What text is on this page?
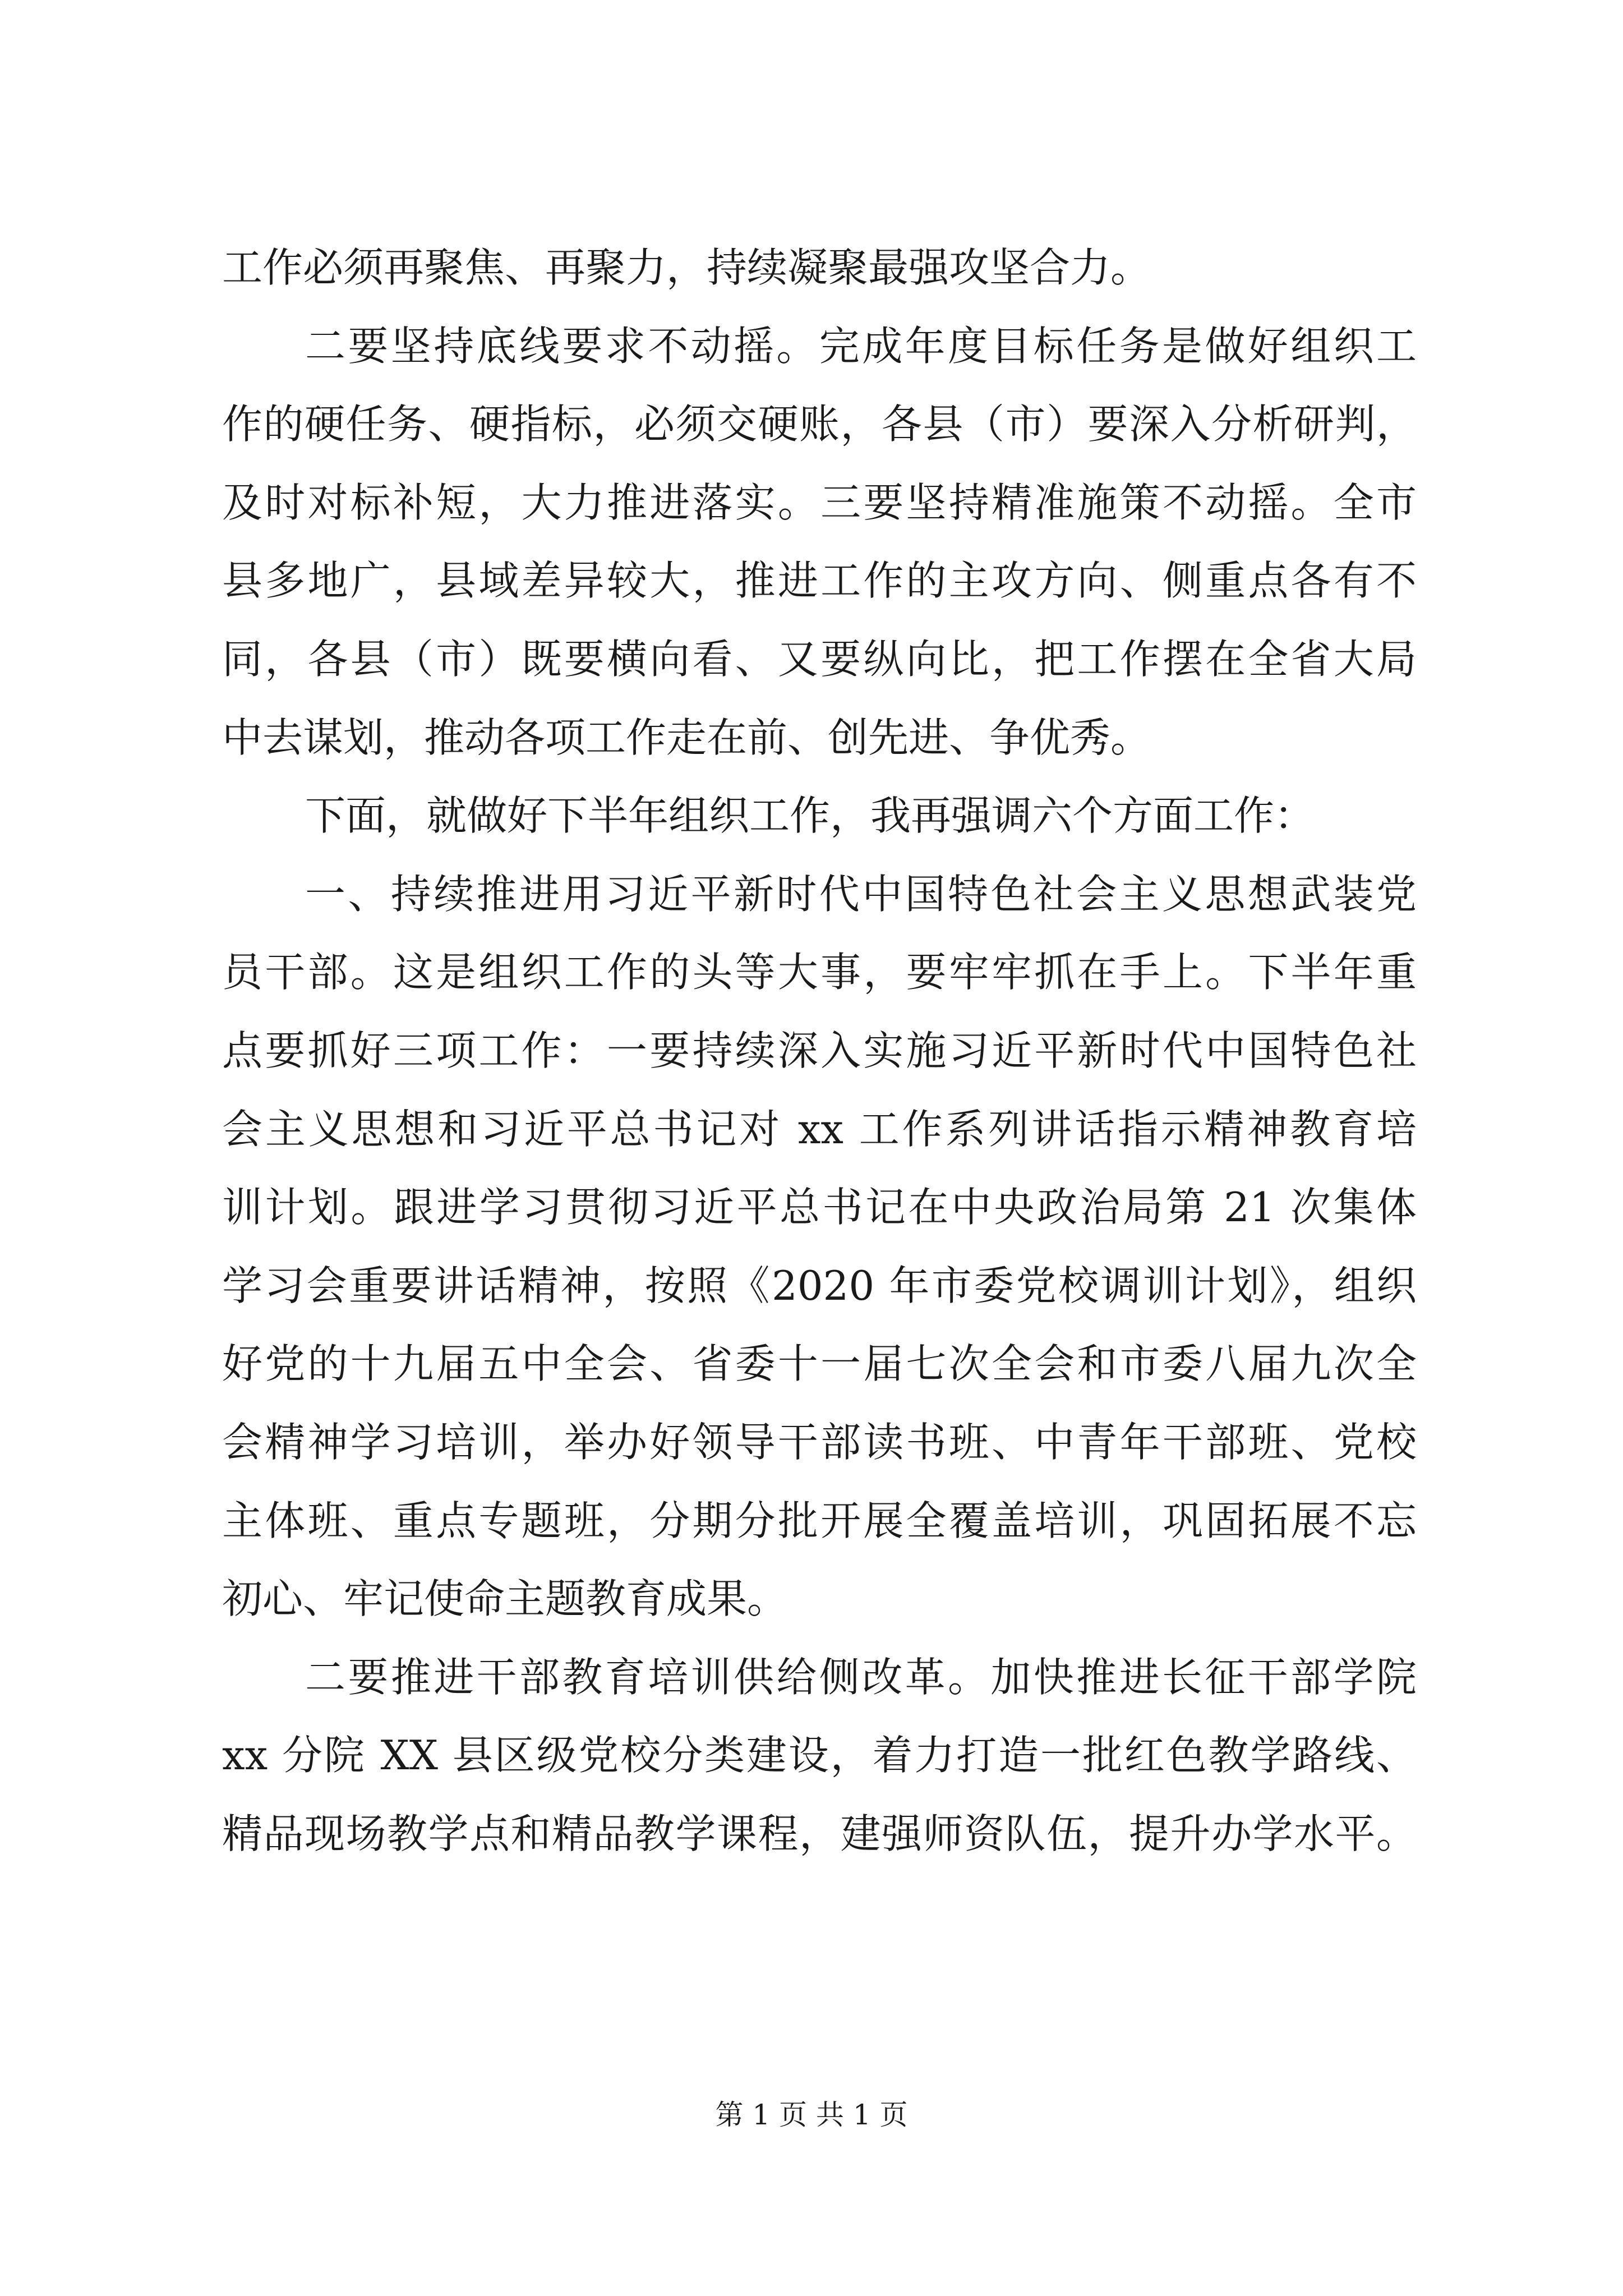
工作必须再聚焦、再聚力，持续凝聚最强攻坚合力。
二要坚持底线要求不动摇。完成年度目标任务是做好组织工
作的硬任务、硬指标，必须交硬账，各县（市）要深入分析研判，
及时对标补短，大力推进落实。三要坚持精准施策不动摇。全市
县多地广，县域差异较大，推进工作的主攻方向、侧重点各有不
同，各县（市）既要横向看、又要纵向比，把工作摆在全省大局
中去谋划，推动各项工作走在前、创先进、争优秀。
下面，就做好下半年组织工作，我再强调六个方面工作：
一、持续推进用习近平新时代中国特色社会主义思想武装党
员干部。这是组织工作的头等大事，要牢牢抓在手上。下半年重
点要抓好三项工作：一要持续深入实施习近平新时代中国特色社
会主义思想和习近平总书记对 xx 工作系列讲话指示精神教育培
训计划。跟进学习贯彻习近平总书记在中央政治局第 21 次集体
学习会重要讲话精神，按照《2020 年市委党校调训计划》，组织
好党的十九届五中全会、省委十一届七次全会和市委八届九次全
会精神学习培训，举办好领导干部读书班、中青年干部班、党校
主体班、重点专题班，分期分批开展全覆盖培训，巩固拓展不忘
初心、牢记使命主题教育成果。
二要推进干部教育培训供给侧改革。加快推进长征干部学院
xx 分院 XX 县区级党校分类建设，着力打造一批红色教学路线、
精品现场教学点和精品教学课程，建强师资队伍，提升办学水平。
第 1 页 共 1 页
